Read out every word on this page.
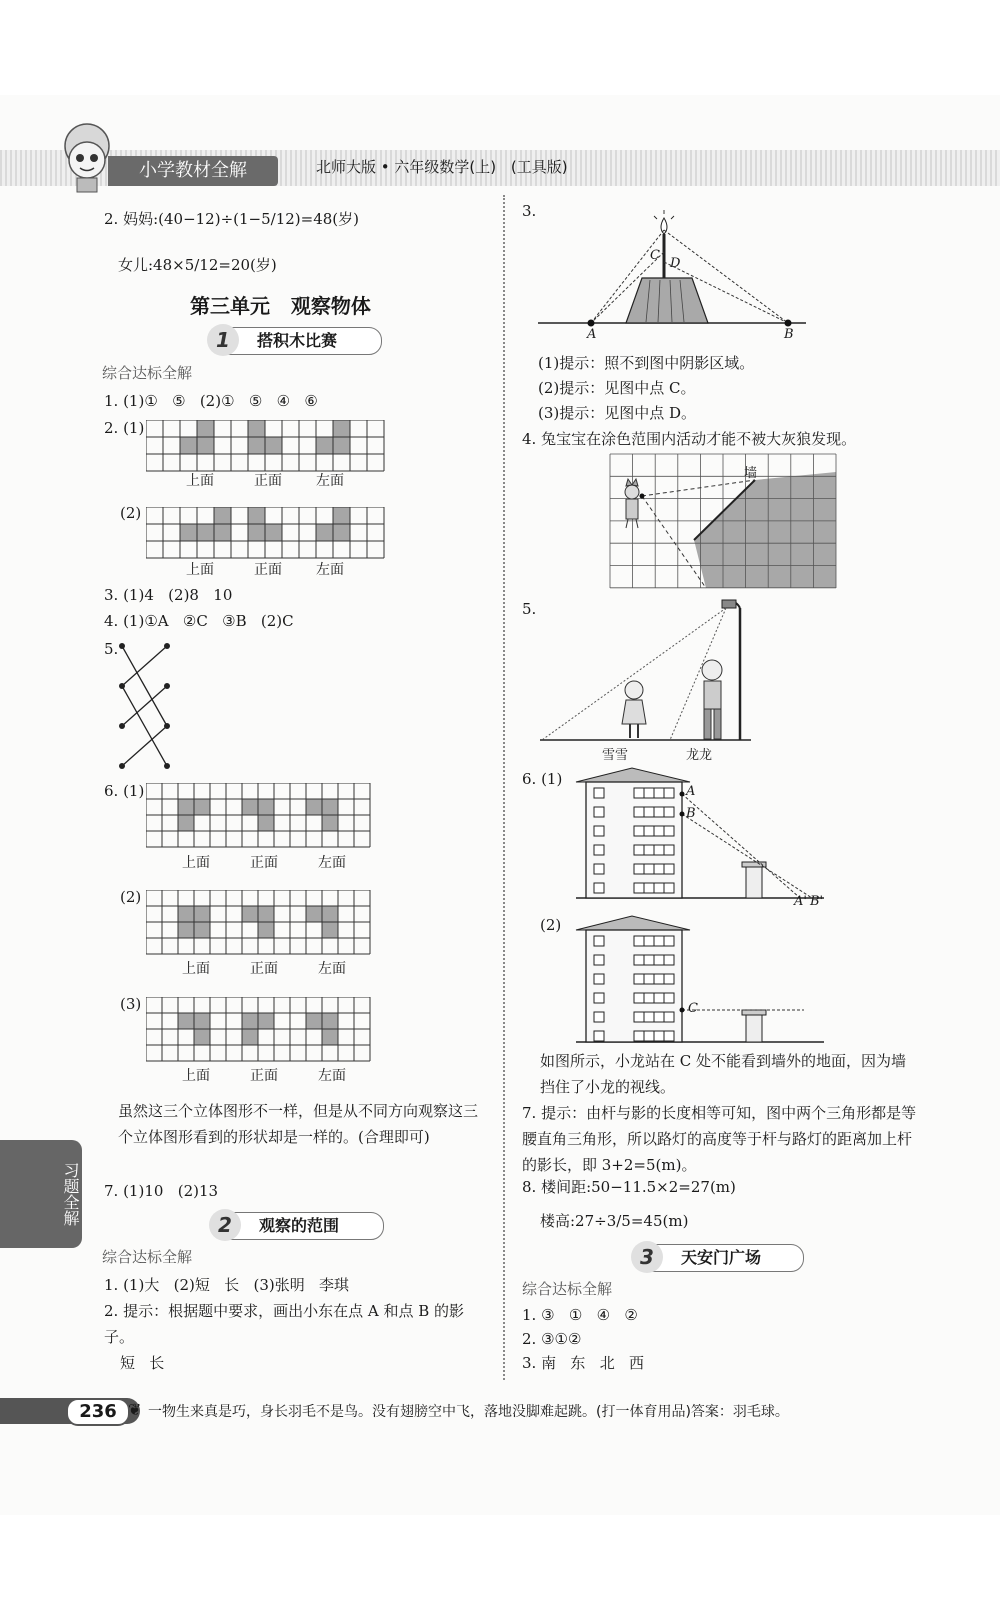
小学教材全解	北师大版 • 六年级数学(上) (工具版)
2. 妈妈:(40−12)÷(1−5/12)=48(岁)
女儿:48×5/12=20(岁)
第三单元   观察物体
1	搭积木比赛
综合达标全解
1. (1)①   ⑤   (2)①   ⑤   ④   ⑥
2. (1)
上面	正面 左面
(2)
上面	正面 左面
3. (1)4   (2)8   10
4. (1)①A   ②C   ③B   (2)C
5.
6. (1)
上面	正面	左面
(2)
上面	正面	左面
(3)
上面	正面	左面
虽然这三个立体图形不一样，但是从不同方向观察这三个立体图形看到的形状却是一样的。(合理即可)
7. (1)10   (2)13
2	观察的范围
综合达标全解
1. (1)大   (2)短   长   (3)张明   李琪
2. 提示：根据题中要求，画出小东在点 A 和点 B 的影子。
短   长
3.
A	B
C
D
(1)提示：照不到图中阴影区域。
(2)提示：见图中点 C。
(3)提示：见图中点 D。
4. 兔宝宝在涂色范围内活动才能不被大灰狼发现。
墙
5.
雪雪	龙龙
6. (1)
A
B
A' B'
(2)
C
如图所示，小龙站在 C 处不能看到墙外的地面，因为墙挡住了小龙的视线。
7. 提示：由杆与影的长度相等可知，图中两个三角形都是等腰直角三角形，所以路灯的高度等于杆与路灯的距离加上杆的影长，即 3+2=5(m)。
8. 楼间距:50−11.5×2=27(m)
楼高:27÷3/5=45(m)
3	天安门广场
综合达标全解
1. ③   ①   ④   ②
2. ③①②
3. 南   东   北   西
习题全解
236 ❦ 一物生来真是巧，身长羽毛不是鸟。没有翅膀空中飞，落地没脚难起跳。(打一体育用品)答案：羽毛球。
